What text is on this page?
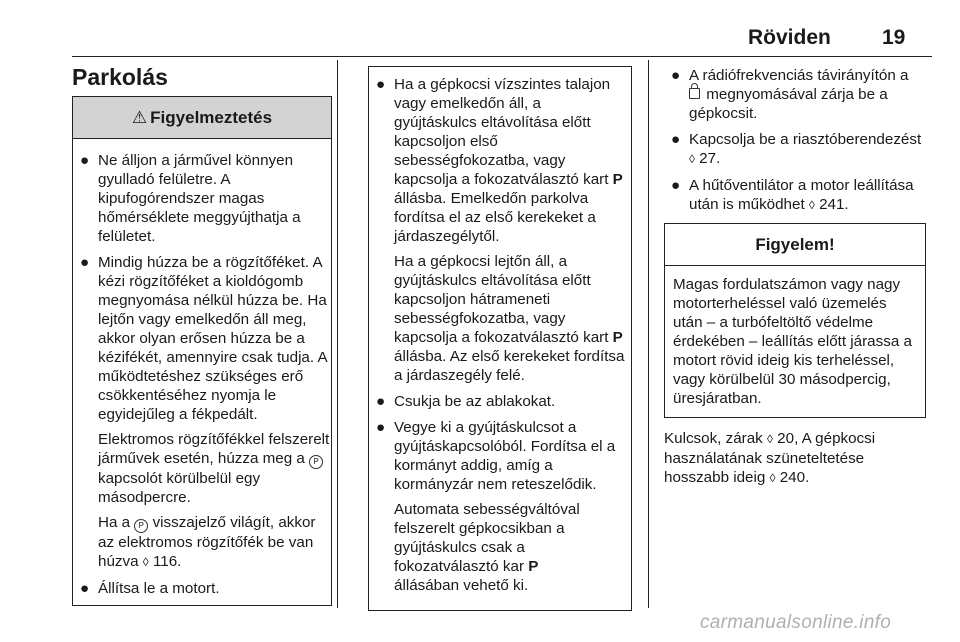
Röviden 19
Parkolás
⚠ Figyelmeztetés
● Ne álljon a járművel könnyen gyulladó felületre. A kipufogórendszer magas hőmérséklete meggyújthatja a felületet.

● Mindig húzza be a rögzítőféket. A kézi rögzítőféket a kioldógomb megnyomása nélkül húzza be. Ha lejtőn vagy emelkedőn áll meg, akkor olyan erősen húzza be a kézifékét, amennyire csak tudja. A működtetéshez szükséges erő csökkentéséhez nyomja le egyidejűleg a fékpedált.

Elektromos rögzítőfékkel felszerelt járművek esetén, húzza meg a P kapcsolót körülbelül egy másodpercre.

Ha a P visszajelző világít, akkor az elektromos rögzítőfék be van húzva ◊ 116.

● Állítsa le a motort.

● Ha a gépkocsi vízszintes talajon vagy emelkedőn áll, a gyújtáskulcs eltávolítása előtt kapcsoljon első sebességfokozatba, vagy kapcsolja a fokozatválasztó kart P állásba. Emelkedőn parkolva fordítsa el az első kerekeket a járdaszegélytől.

Ha a gépkocsi lejtőn áll, a gyújtáskulcs eltávolítása előtt kapcsoljon hátrameneti sebességfokozatba, vagy kapcsolja a fokozatválasztó kart P állásba. Az első kerekeket fordítsa a járdaszegély felé.

● Csukja be az ablakokat.

● Vegye ki a gyújtáskulcsot a gyújtáskapcsolóból. Fordítsa el a kormányt addig, amíg a kormányzár nem reteszelődik.

Automata sebességváltóval felszerelt gépkocsikban a gyújtáskulcs csak a fokozatválasztó kar P
állásában vehető ki.

● A rádiófrekvenciás távirányítón a
megnyomásával zárja be a gépkocsit.

● Kapcsolja be a riasztóberendezést ◊ 27.

● A hűtőventilátor a motor leállítása után is működhet ◊ 241.

Figyelem!
Magas fordulatszámon vagy nagy motorterheléssel való üzemelés után – a turbófeltöltő védelme érdekében – leállítás előtt járassa a motort rövid ideig kis terheléssel, vagy körülbelül 30 másodpercig, üresjáratban.

Kulcsok, zárak ◊ 20, A gépkocsi használatának szüneteltetése hosszabb ideig ◊ 240.

carmanualsonline.info
